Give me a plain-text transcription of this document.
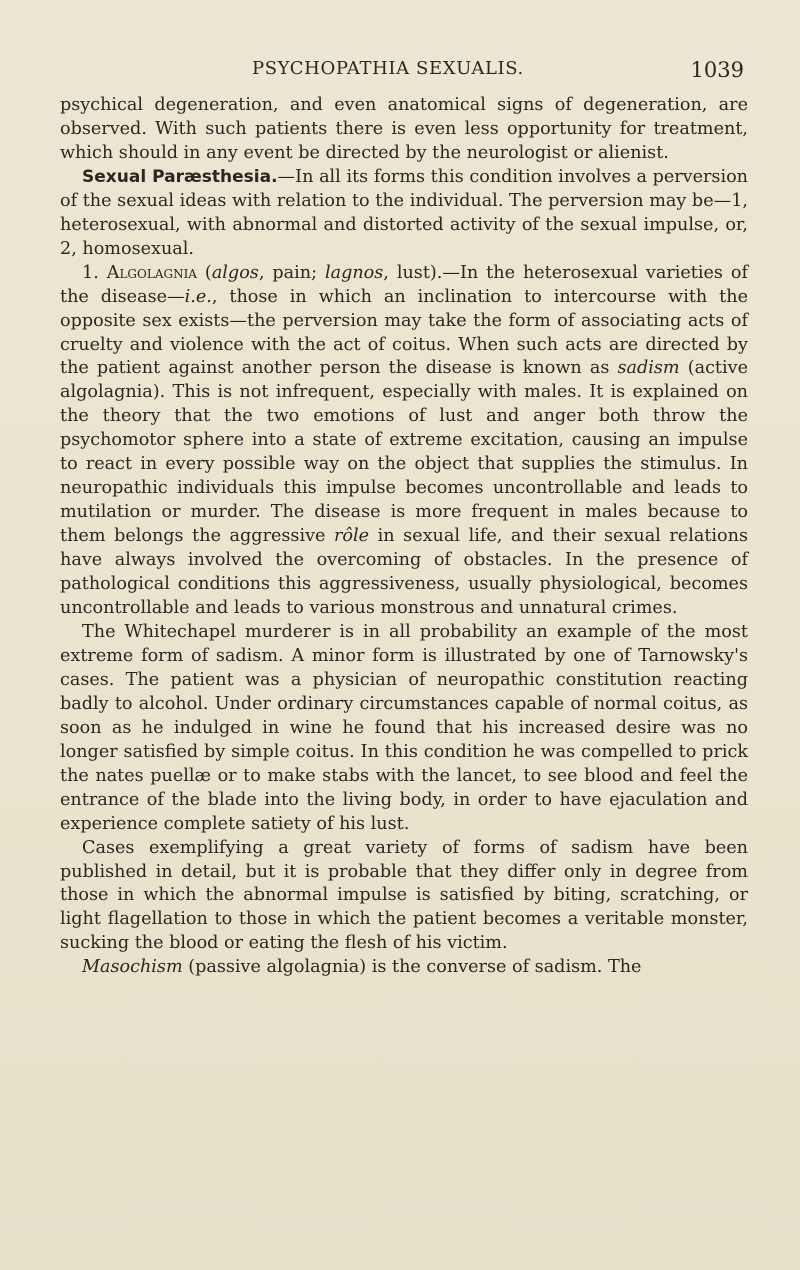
PSYCHOPATHIA SEXUALIS.	1039

psychical degeneration, and even anatomical signs of degeneration, are observed. With such patients there is even less opportunity for treatment, which should in any event be directed by the neurologist or alienist.

Sexual Paræsthesia.—In all its forms this condition involves a perversion of the sexual ideas with relation to the individual. The perversion may be—1, heterosexual, with abnormal and distorted activity of the sexual impulse, or, 2, homosexual.

1. Algolagnia (algos, pain; lagnos, lust).—In the heterosexual varieties of the disease—i.e., those in which an inclination to intercourse with the opposite sex exists—the perversion may take the form of associating acts of cruelty and violence with the act of coitus. When such acts are directed by the patient against another person the disease is known as sadism (active algolagnia). This is not infrequent, especially with males. It is explained on the theory that the two emotions of lust and anger both throw the psychomotor sphere into a state of extreme excitation, causing an impulse to react in every possible way on the object that supplies the stimulus. In neuropathic individuals this impulse becomes uncontrollable and leads to mutilation or murder. The disease is more frequent in males because to them belongs the aggressive rôle in sexual life, and their sexual relations have always involved the overcoming of obstacles. In the presence of pathological conditions this aggressiveness, usually physiological, becomes uncontrollable and leads to various monstrous and unnatural crimes.

The Whitechapel murderer is in all probability an example of the most extreme form of sadism. A minor form is illustrated by one of Tarnowsky's cases. The patient was a physician of neuropathic constitution reacting badly to alcohol. Under ordinary circumstances capable of normal coitus, as soon as he indulged in wine he found that his increased desire was no longer satisfied by simple coitus. In this condition he was compelled to prick the nates puellæ or to make stabs with the lancet, to see blood and feel the entrance of the blade into the living body, in order to have ejaculation and experience complete satiety of his lust.

Cases exemplifying a great variety of forms of sadism have been published in detail, but it is probable that they differ only in degree from those in which the abnormal impulse is satisfied by biting, scratching, or light flagellation to those in which the patient becomes a veritable monster, sucking the blood or eating the flesh of his victim.

Masochism (passive algolagnia) is the converse of sadism. The
